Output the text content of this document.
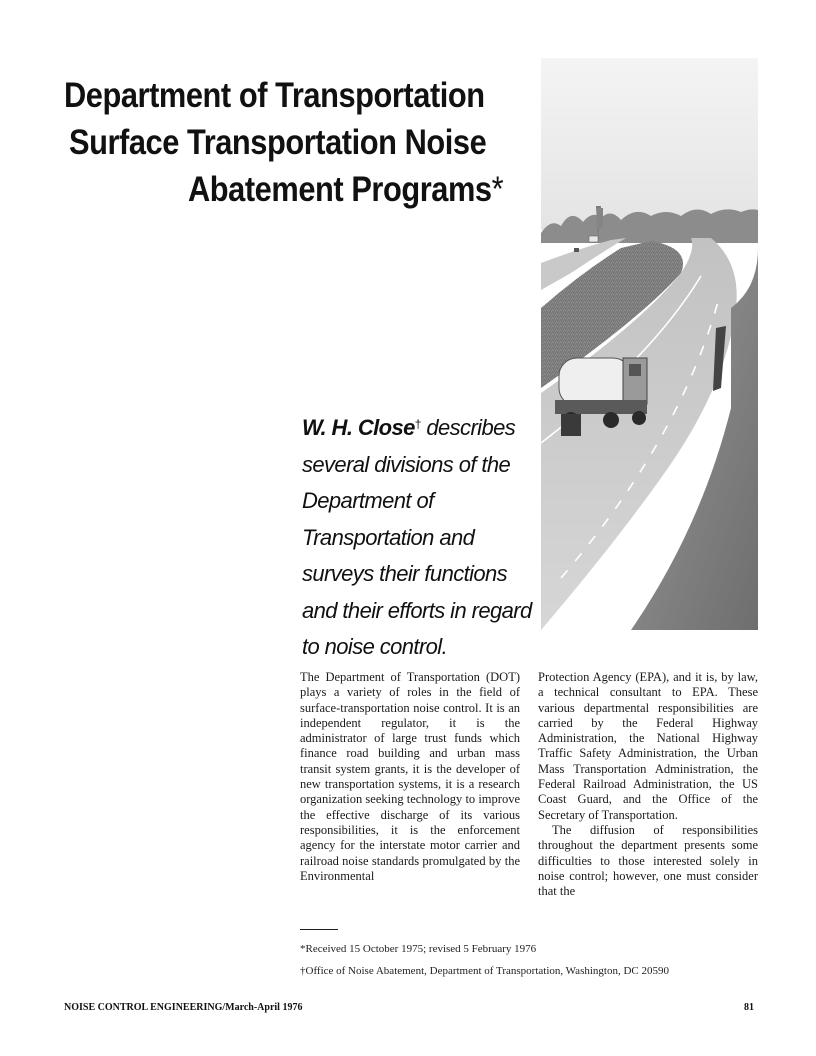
Department of Transportation
Surface Transportation Noise
Abatement Programs*
W. H. Close† describes several divisions of the Department of Transportation and surveys their functions and their efforts in regard to noise control.

The Department of Transportation (DOT) plays a variety of roles in the field of surface-transportation noise control. It is an independent regulator, it is the administrator of large trust funds which finance road building and urban mass transit system grants, it is the developer of new transportation systems, it is a research organization seeking technology to improve the effective discharge of its various responsibilities, it is the enforcement agency for the interstate motor carrier and railroad noise standards promulgated by the Environmental

Protection Agency (EPA), and it is, by law, a technical consultant to EPA. These various departmental responsibilities are carried by the Federal Highway Administration, the National Highway Traffic Safety Administration, the Urban Mass Transportation Administration, the Federal Railroad Administration, the US Coast Guard, and the Office of the Secretary of Transportation.

The diffusion of responsibilities throughout the department presents some difficulties to those interested solely in noise control; however, one must consider that the

*Received 15 October 1975; revised 5 February 1976
†Office of Noise Abatement, Department of Transportation, Washington, DC 20590
NOISE CONTROL ENGINEERING/March-April 1976	81
